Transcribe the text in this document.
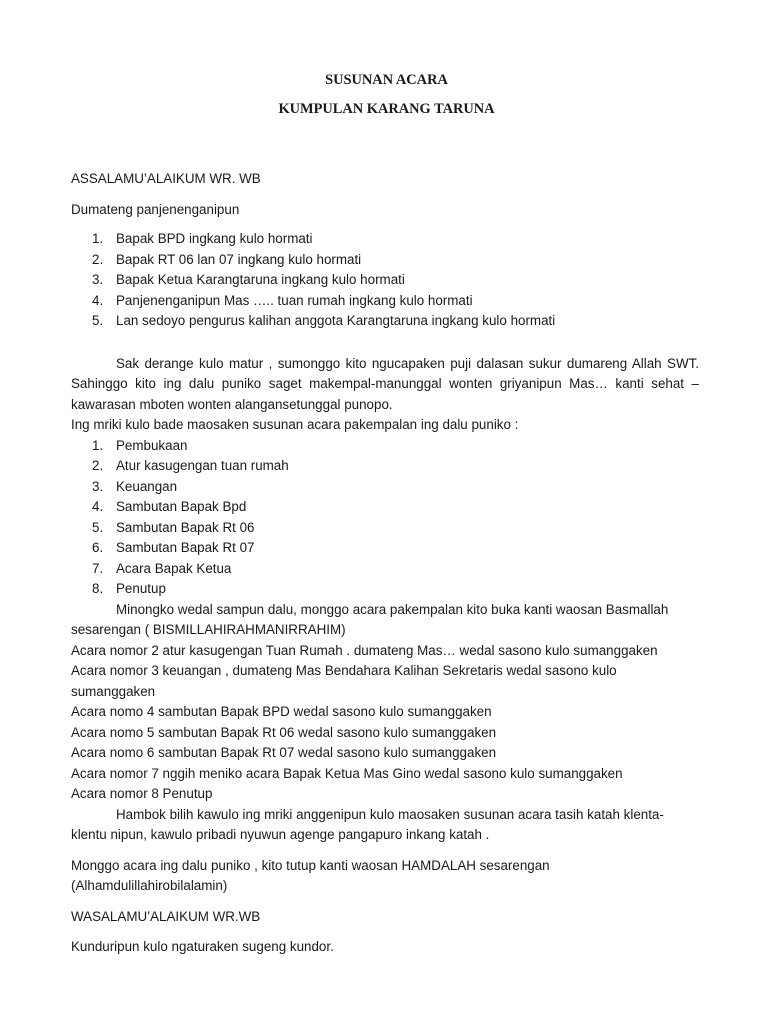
SUSUNAN ACARA

KUMPULAN KARANG TARUNA

ASSALAMU’ALAIKUM WR. WB

Dumateng panjenenganipun

1. Bapak BPD ingkang kulo hormati
2. Bapak RT 06 lan 07 ingkang kulo hormati
3. Bapak Ketua Karangtaruna ingkang kulo hormati
4. Panjenenganipun Mas ….. tuan rumah ingkang kulo hormati
5. Lan sedoyo pengurus kalihan anggota Karangtaruna ingkang kulo hormati

Sak derange kulo matur , sumonggo kito ngucapaken puji dalasan sukur dumareng Allah SWT. Sahinggo kito ing dalu puniko saget makempal-manunggal wonten griyanipun Mas… kanti sehat – kawarasan mboten wonten alangansetunggal punopo.

Ing mriki kulo bade maosaken susunan acara pakempalan ing dalu puniko :

1. Pembukaan
2. Atur kasugengan tuan rumah
3. Keuangan
4. Sambutan Bapak Bpd
5. Sambutan Bapak Rt 06
6. Sambutan Bapak Rt 07
7. Acara Bapak Ketua
8. Penutup

Minongko wedal sampun dalu, monggo acara pakempalan kito buka kanti waosan Basmallah sesarengan ( BISMILLAHIRAHMANIRRAHIM)

Acara nomor 2 atur kasugengan Tuan Rumah . dumateng Mas… wedal sasono kulo sumanggaken

Acara nomor 3 keuangan , dumateng Mas Bendahara Kalihan Sekretaris wedal sasono kulo sumanggaken

Acara nomo 4 sambutan Bapak BPD wedal sasono kulo sumanggaken

Acara nomo 5 sambutan Bapak Rt 06 wedal sasono kulo sumanggaken

Acara nomo 6 sambutan Bapak Rt 07 wedal sasono kulo sumanggaken

Acara nomor 7 nggih meniko acara Bapak Ketua Mas Gino wedal sasono kulo sumanggaken

Acara nomor 8 Penutup

Hambok bilih kawulo ing mriki anggenipun kulo maosaken susunan acara tasih katah klenta-klentu nipun, kawulo pribadi nyuwun agenge pangapuro inkang katah .

Monggo acara ing dalu puniko , kito tutup kanti waosan HAMDALAH sesarengan (Alhamdulillahirobilalamin)

WASALAMU’ALAIKUM WR.WB

Kunduripun kulo ngaturaken sugeng kundor.
